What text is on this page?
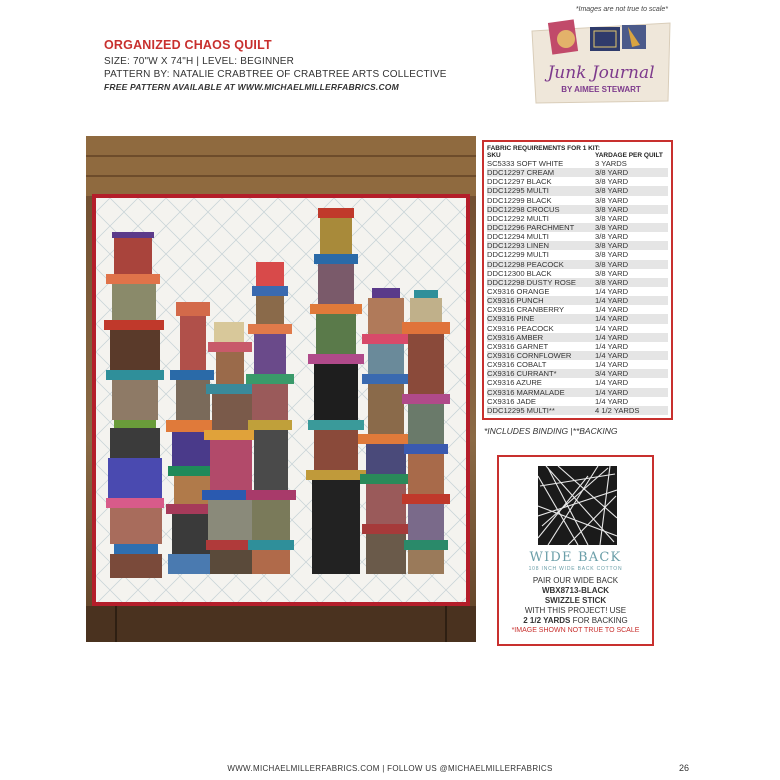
*Images are not true to scale*
ORGANIZED CHAOS QUILT
SIZE: 70"W X 74"H | LEVEL: BEGINNER
PATTERN BY: NATALIE CRABTREE OF CRABTREE ARTS COLLECTIVE
FREE PATTERN AVAILABLE AT WWW.MICHAELMILLERFABRICS.COM
Junk Journal
BY AIMEE STEWART
FABRIC REQUIREMENTS FOR 1 KIT:
SKU	YARDAGE PER QUILT
SC5333 SOFT WHITE	3 YARDS
DDC12297 CREAM	3/8 YARD
DDC12297 BLACK	3/8 YARD
DDC12295 MULTI	3/8 YARD
DDC12299 BLACK	3/8 YARD
DDC12298 CROCUS	3/8 YARD
DDC12292 MULTI	3/8 YARD
DDC12296 PARCHMENT	3/8 YARD
DDC12294 MULTI	3/8 YARD
DDC12293 LINEN	3/8 YARD
DDC12299 MULTI	3/8 YARD
DDC12298 PEACOCK	3/8 YARD
DDC12300 BLACK	3/8 YARD
DDC12298 DUSTY ROSE	3/8 YARD
CX9316 ORANGE	1/4 YARD
CX9316 PUNCH	1/4 YARD
CX9316 CRANBERRY	1/4 YARD
CX9316 PINE	1/4 YARD
CX9316 PEACOCK	1/4 YARD
CX9316 AMBER	1/4 YARD
CX9316 GARNET	1/4 YARD
CX9316 CORNFLOWER	1/4 YARD
CX9316 COBALT	1/4 YARD
CX9316 CURRANT*	3/4 YARD
CX9316 AZURE	1/4 YARD
CX9316 MARMALADE	1/4 YARD
CX9316 JADE	1/4 YARD
DDC12295 MULTI**	4 1/2 YARDS
*INCLUDES BINDING |**BACKING
WIDE BACK
108 INCH WIDE BACK COTTON
PAIR OUR WIDE BACK
WBX8713-BLACK
SWIZZLE STICK
WITH THIS PROJECT! USE
2 1/2 YARDS FOR BACKING
*IMAGE SHOWN NOT TRUE TO SCALE
WWW.MICHAELMILLERFABRICS.COM | FOLLOW US @MICHAELMILLERFABRICS	26
